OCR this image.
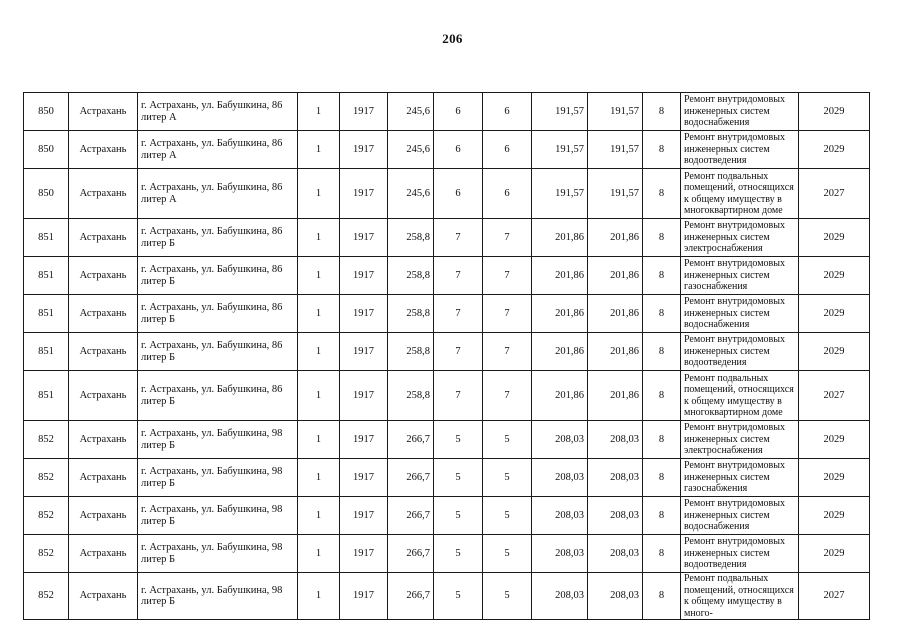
206
850	Астрахань	г. Астрахань, ул. Бабушкина, 86 литер А	1	1917	245,6	6	6	191,57	191,57	8	Ремонт внутридомовых инженерных систем водоснабжения	2029
850	Астрахань	г. Астрахань, ул. Бабушкина, 86 литер А	1	1917	245,6	6	6	191,57	191,57	8	Ремонт внутридомовых инженерных систем водоотведения	2029
850	Астрахань	г. Астрахань, ул. Бабушкина, 86 литер А	1	1917	245,6	6	6	191,57	191,57	8	Ремонт подвальных помещений, относящихся к общему имуществу в многоквартирном доме	2027
851	Астрахань	г. Астрахань, ул. Бабушкина, 86 литер Б	1	1917	258,8	7	7	201,86	201,86	8	Ремонт внутридомовых инженерных систем электроснабжения	2029
851	Астрахань	г. Астрахань, ул. Бабушкина, 86 литер Б	1	1917	258,8	7	7	201,86	201,86	8	Ремонт внутридомовых инженерных систем газоснабжения	2029
851	Астрахань	г. Астрахань, ул. Бабушкина, 86 литер Б	1	1917	258,8	7	7	201,86	201,86	8	Ремонт внутридомовых инженерных систем водоснабжения	2029
851	Астрахань	г. Астрахань, ул. Бабушкина, 86 литер Б	1	1917	258,8	7	7	201,86	201,86	8	Ремонт внутридомовых инженерных систем водоотведения	2029
851	Астрахань	г. Астрахань, ул. Бабушкина, 86 литер Б	1	1917	258,8	7	7	201,86	201,86	8	Ремонт подвальных помещений, относящихся к общему имуществу в многоквартирном доме	2027
852	Астрахань	г. Астрахань, ул. Бабушкина, 98 литер Б	1	1917	266,7	5	5	208,03	208,03	8	Ремонт внутридомовых инженерных систем электроснабжения	2029
852	Астрахань	г. Астрахань, ул. Бабушкина, 98 литер Б	1	1917	266,7	5	5	208,03	208,03	8	Ремонт внутридомовых инженерных систем газоснабжения	2029
852	Астрахань	г. Астрахань, ул. Бабушкина, 98 литер Б	1	1917	266,7	5	5	208,03	208,03	8	Ремонт внутридомовых инженерных систем водоснабжения	2029
852	Астрахань	г. Астрахань, ул. Бабушкина, 98 литер Б	1	1917	266,7	5	5	208,03	208,03	8	Ремонт внутридомовых инженерных систем водоотведения	2029
852	Астрахань	г. Астрахань, ул. Бабушкина, 98 литер Б	1	1917	266,7	5	5	208,03	208,03	8	Ремонт подвальных помещений, относящихся к общему имуществу в много-	2027
